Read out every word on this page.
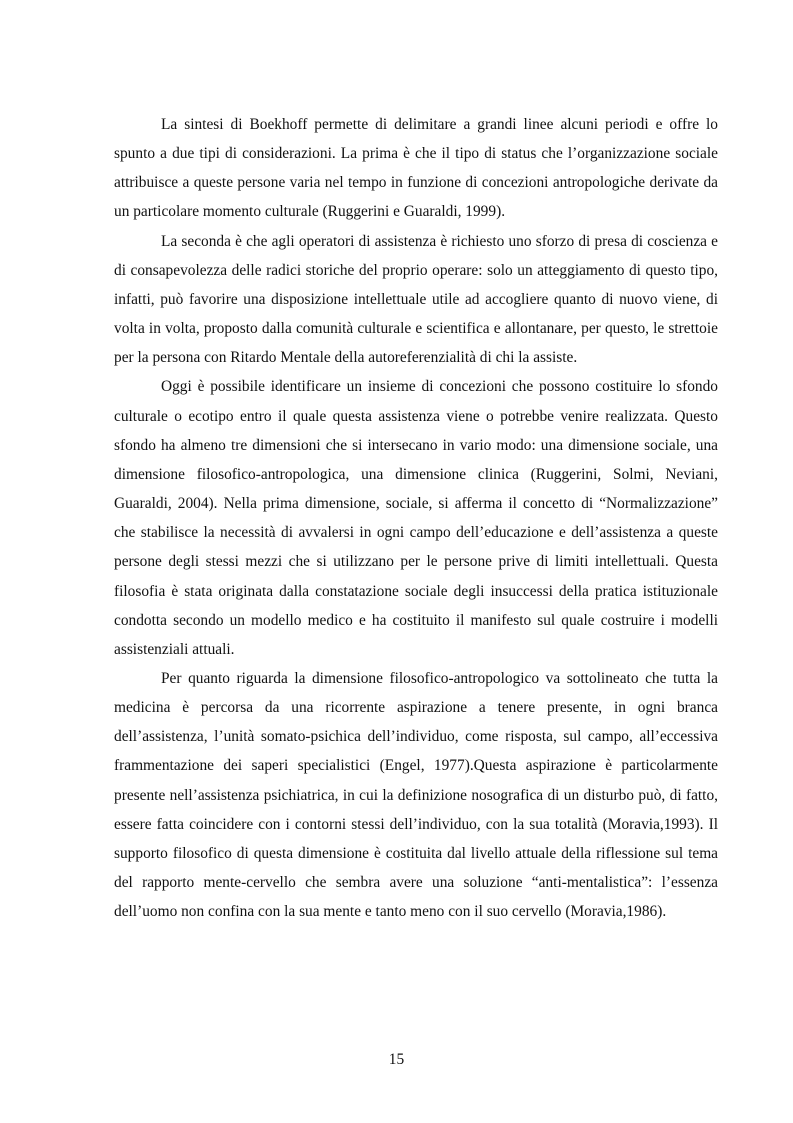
La sintesi di Boekhoff permette di delimitare a grandi linee alcuni periodi e offre lo spunto a due tipi di considerazioni. La prima è che il tipo di status che l’organizzazione sociale attribuisce a queste persone varia nel tempo in funzione di concezioni antropologiche derivate da un particolare momento culturale (Ruggerini e Guaraldi, 1999).

La seconda è che agli operatori di assistenza è richiesto uno sforzo di presa di coscienza e di consapevolezza delle radici storiche del proprio operare: solo un atteggiamento di questo tipo, infatti, può favorire una disposizione intellettuale utile ad accogliere quanto di nuovo viene, di volta in volta, proposto dalla comunità culturale e scientifica e allontanare, per questo, le strettoie per la persona con Ritardo Mentale della autoreferenzialità di chi la assiste.

Oggi è possibile identificare un insieme di concezioni che possono costituire lo sfondo culturale o ecotipo entro il quale questa assistenza viene o potrebbe venire realizzata. Questo sfondo ha almeno tre dimensioni che si intersecano in vario modo: una dimensione sociale, una dimensione filosofico-antropologica, una dimensione clinica (Ruggerini, Solmi, Neviani, Guaraldi, 2004). Nella prima dimensione, sociale, si afferma il concetto di “Normalizzazione” che stabilisce la necessità di avvalersi in ogni campo dell’educazione e dell’assistenza a queste persone degli stessi mezzi che si utilizzano per le persone prive di limiti intellettuali. Questa filosofia è stata originata dalla constatazione sociale degli insuccessi della pratica istituzionale condotta secondo un modello medico e ha costituito il manifesto sul quale costruire i modelli assistenziali attuali.

Per quanto riguarda la dimensione filosofico-antropologico va sottolineato che tutta la medicina è percorsa da una ricorrente aspirazione a tenere presente, in ogni branca dell’assistenza, l’unità somato-psichica dell’individuo, come risposta, sul campo, all’eccessiva frammentazione dei saperi specialistici (Engel, 1977).Questa aspirazione è particolarmente presente nell’assistenza psichiatrica, in cui la definizione nosografica di un disturbo può, di fatto, essere fatta coincidere con i contorni stessi dell’individuo, con la sua totalità (Moravia,1993). Il supporto filosofico di questa dimensione è costituita dal livello attuale della riflessione sul tema del rapporto mente-cervello che sembra avere una soluzione “anti-mentalistica”: l’essenza dell’uomo non confina con la sua mente e tanto meno con il suo cervello (Moravia,1986).

15
